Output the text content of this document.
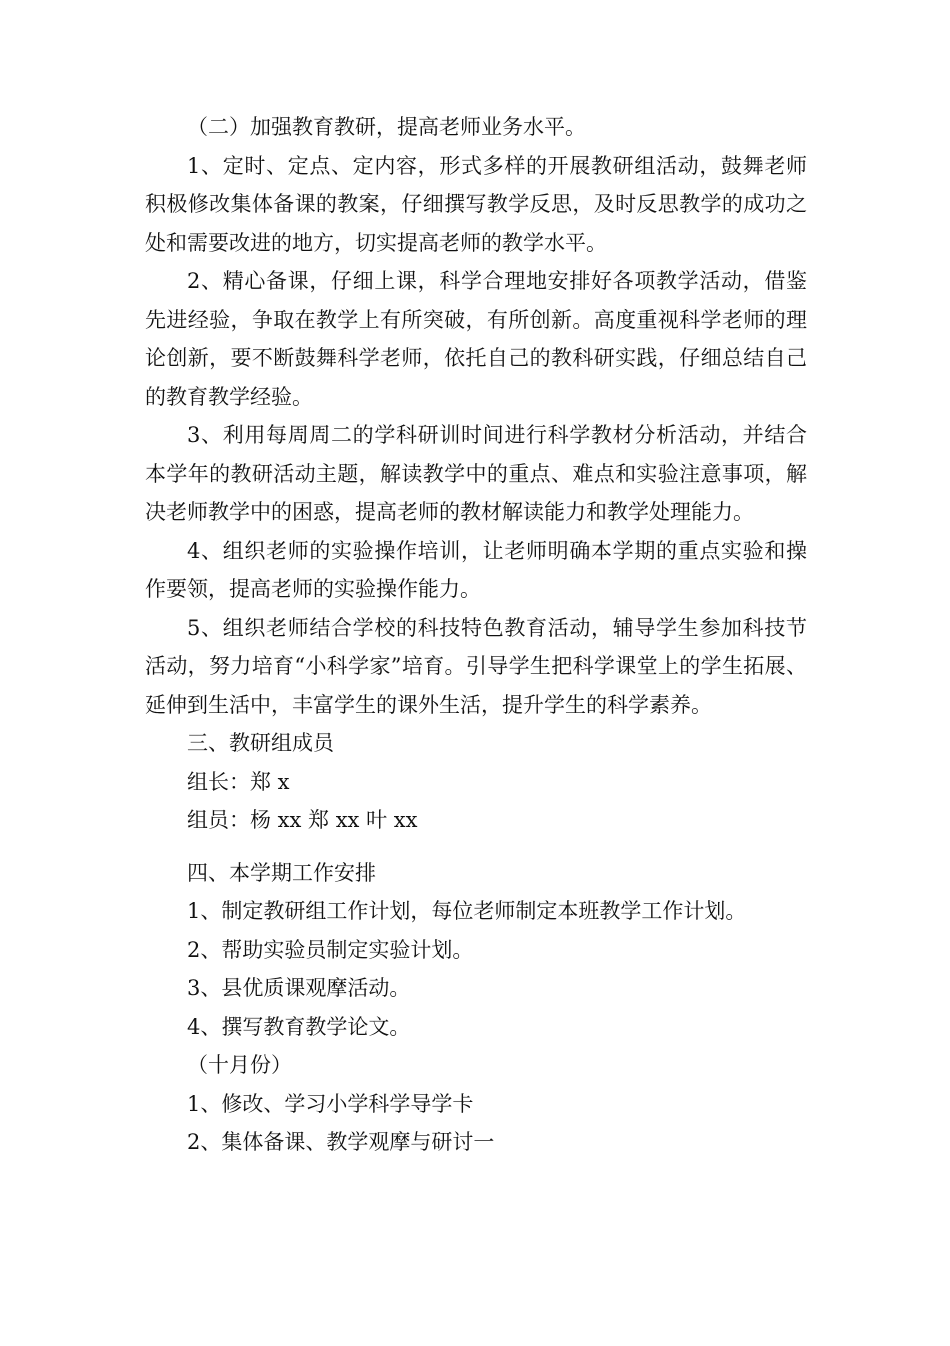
（二）加强教育教研，提高老师业务水平。

1、定时、定点、定内容，形式多样的开展教研组活动，鼓舞老师积极修改集体备课的教案，仔细撰写教学反思，及时反思教学的成功之处和需要改进的地方，切实提高老师的教学水平。

2、精心备课，仔细上课，科学合理地安排好各项教学活动，借鉴先进经验，争取在教学上有所突破，有所创新。高度重视科学老师的理论创新，要不断鼓舞科学老师，依托自己的教科研实践，仔细总结自己的教育教学经验。

3、利用每周周二的学科研训时间进行科学教材分析活动，并结合本学年的教研活动主题，解读教学中的重点、难点和实验注意事项，解决老师教学中的困惑，提高老师的教材解读能力和教学处理能力。

4、组织老师的实验操作培训，让老师明确本学期的重点实验和操作要领，提高老师的实验操作能力。

5、组织老师结合学校的科技特色教育活动，辅导学生参加科技节活动，努力培育“小科学家”培育。引导学生把科学课堂上的学生拓展、延伸到生活中，丰富学生的课外生活，提升学生的科学素养。

三、教研组成员

组长：郑 x

组员：杨 xx 郑 xx 叶 xx

四、本学期工作安排

1、制定教研组工作计划，每位老师制定本班教学工作计划。

2、帮助实验员制定实验计划。

3、县优质课观摩活动。

4、撰写教育教学论文。

（十月份）

1、修改、学习小学科学导学卡

2、集体备课、教学观摩与研讨一
